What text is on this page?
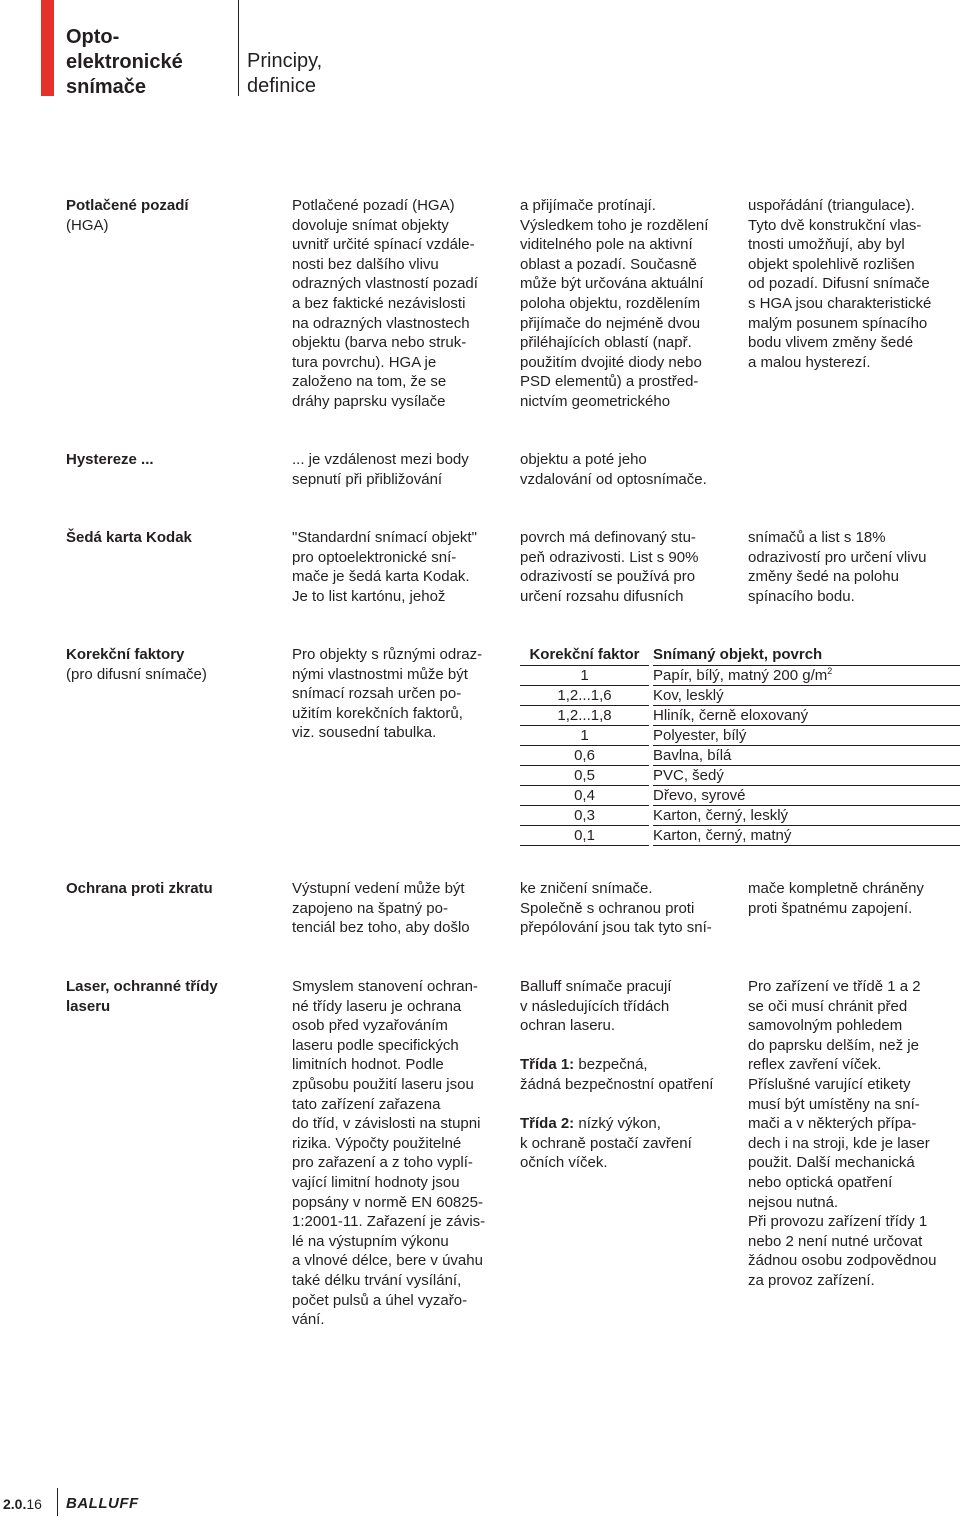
Opto-
elektronické
snímače
Principy,
definice
Potlačené pozadí
(HGA)
Potlačené pozadí (HGA)
dovoluje snímat objekty
uvnitř určité spínací vzdále-
nosti bez dalšího vlivu
odrazných vlastností pozadí
a bez faktické nezávislosti
na odrazných vlastnostech
objektu (barva nebo struk-
tura povrchu). HGA je
založeno na tom, že se
dráhy paprsku vysílače
a přijímače protínají.
Výsledkem toho je rozdělení
viditelného pole na aktivní
oblast a pozadí. Současně
může být určována aktuální
poloha objektu, rozdělením
přijímače do nejméně dvou
přiléhajících oblastí (např.
použitím dvojité diody nebo
PSD elementů) a prostřed-
nictvím geometrického
uspořádání (triangulace).
Tyto dvě konstrukční vlas-
tnosti umožňují, aby byl
objekt spolehlivě rozlišen
od pozadí. Difusní snímače
s HGA jsou charakteristické
malým posunem spínacího
bodu vlivem změny šedé
a malou hysterezí.
Hystereze ...	... je vzdálenost mezi body
sepnutí při přibližování
objektu a poté jeho
vzdalování od optosnímače.
Šedá karta Kodak	"Standardní snímací objekt"
pro optoelektronické sní-
mače je šedá karta Kodak.
Je to list kartónu, jehož
povrch má definovaný stu-
peň odrazivosti. List s 90%
odrazivostí se používá pro
určení rozsahu difusních
snímačů a list s 18%
odrazivostí pro určení vlivu
změny šedé na polohu
spínacího bodu.
Korekční faktory
(pro difusní snímače)
Pro objekty s různými odraz-
nými vlastnostmi může být
snímací rozsah určen po-
užitím korekčních faktorů,
viz. sousední tabulka.
Korekční faktor		Snímaný objekt, povrch
1		Papír, bílý, matný 200 $g/m^2$
1,2...1,6		Kov, lesklý
1,2...1,8		Hliník, černě eloxovaný
1		Polyester, bílý
0,6		Bavlna, bílá
0,5		PVC, šedý
0,4		Dřevo, syrové
0,3		Karton, černý, lesklý
0,1		Karton, černý, matný
Ochrana proti zkratu	Výstupní vedení může být
zapojeno na špatný po-
tenciál bez toho, aby došlo
ke zničení snímače.
Společně s ochranou proti
přepólování jsou tak tyto sní-
mače kompletně chráněny
proti špatnému zapojení.
Laser, ochranné třídy
laseru
Smyslem stanovení ochran-
né třídy laseru je ochrana
osob před vyzařováním
laseru podle specifických
limitních hodnot. Podle
způsobu použití laseru jsou
tato zařízení zařazena
do tříd, v závislosti na stupni
rizika. Výpočty použitelné
pro zařazení a z toho vyplí-
vající limitní hodnoty jsou
popsány v normě EN 60825-
1:2001-11. Zařazení je závis-
lé na výstupním výkonu
a vlnové délce, bere v úvahu
také délku trvání vysílání,
počet pulsů a úhel vyzařo-
vání.
Balluff snímače pracují
v následujících třídách
ochran laseru.

Třída 1: bezpečná,
žádná bezpečnostní opatření

Třída 2: nízký výkon,
k ochraně postačí zavření
očních víček.
Pro zařízení ve třídě 1 a 2
se oči musí chránit před
samovolným pohledem
do paprsku delším, než je
reflex zavření víček.
Příslušné varující etikety
musí být umístěny na sní-
mači a v některých přípa-
dech i na stroji, kde je laser
použit. Další mechanická
nebo optická opatření
nejsou nutná.
Při provozu zařízení třídy 1
nebo 2 není nutné určovat
žádnou osobu zodpovědnou
za provoz zařízení.
2.0.16 BALLUFF
